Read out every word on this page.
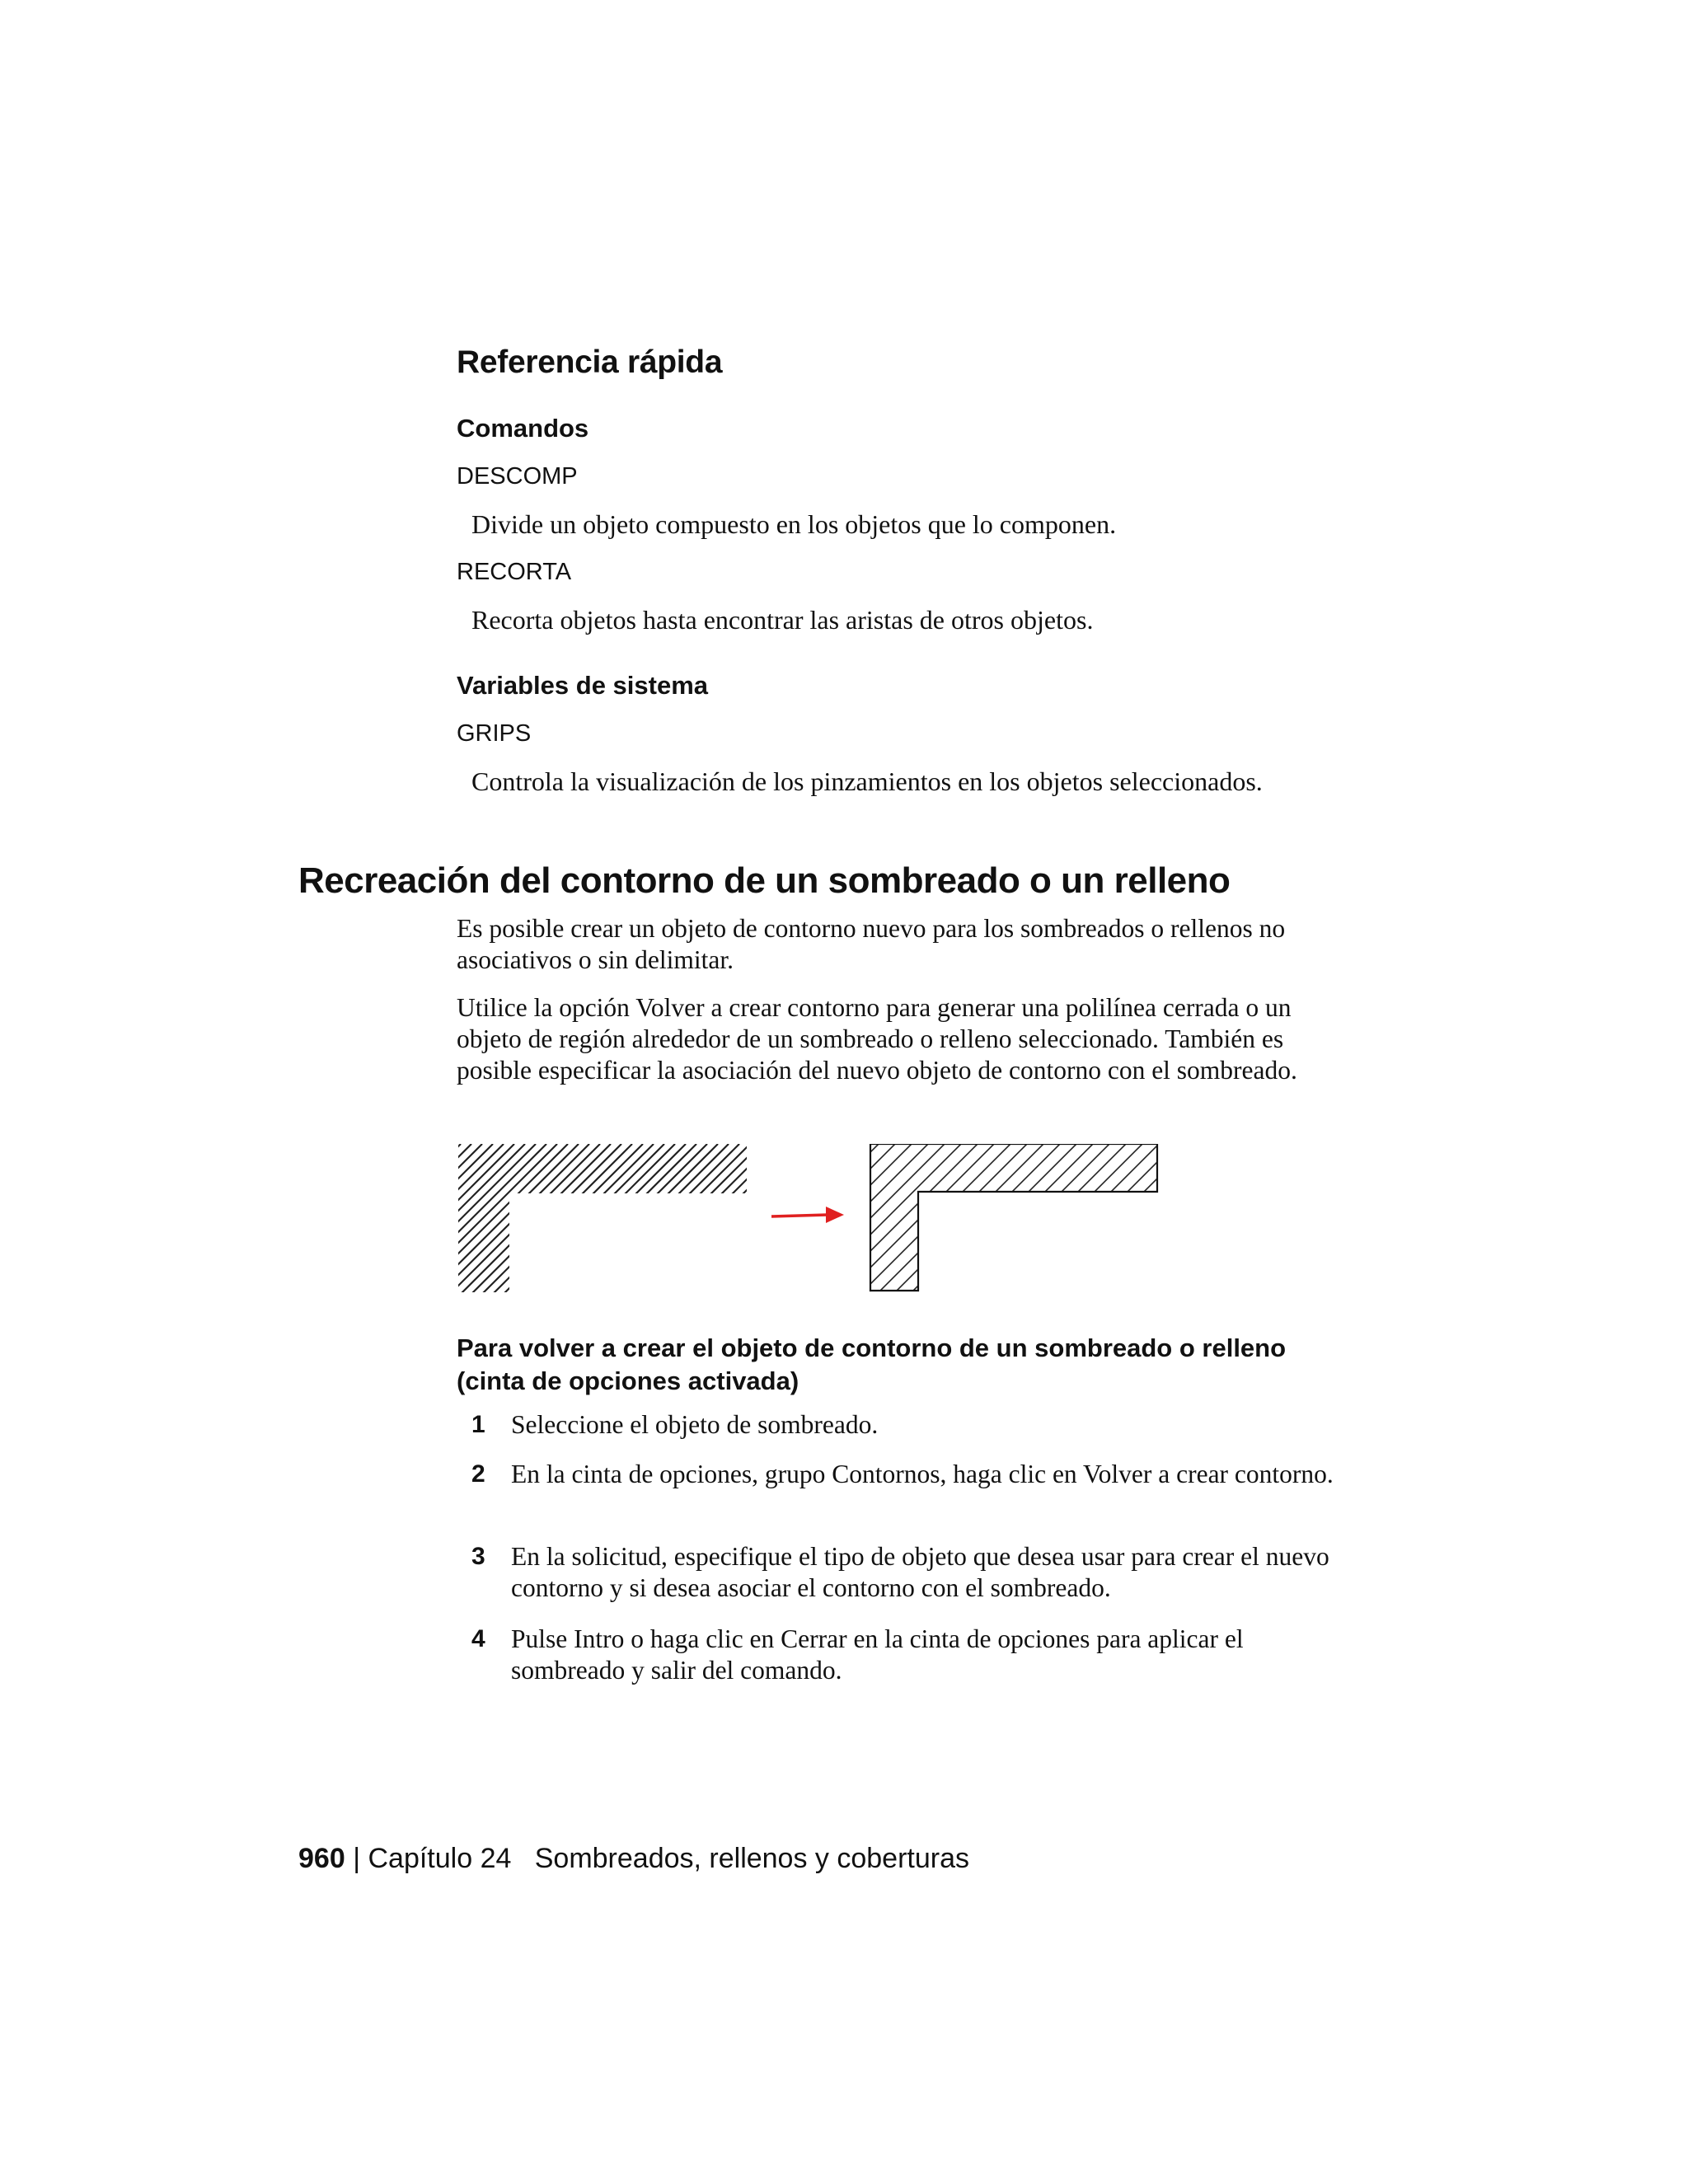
Referencia rápida
Comandos
DESCOMP
Divide un objeto compuesto en los objetos que lo componen.
RECORTA
Recorta objetos hasta encontrar las aristas de otros objetos.
Variables de sistema
GRIPS
Controla la visualización de los pinzamientos en los objetos seleccionados.
Recreación del contorno de un sombreado o un relleno
Es posible crear un objeto de contorno nuevo para los sombreados o rellenos no asociativos o sin delimitar.
Utilice la opción Volver a crear contorno para generar una polilínea cerrada o un objeto de región alrededor de un sombreado o relleno seleccionado. También es posible especificar la asociación del nuevo objeto de contorno con el sombreado.
Para volver a crear el objeto de contorno de un sombreado o relleno (cinta de opciones activada)
1 Seleccione el objeto de sombreado.
2 En la cinta de opciones, grupo Contornos, haga clic en Volver a crear contorno.
3 En la solicitud, especifique el tipo de objeto que desea usar para crear el nuevo contorno y si desea asociar el contorno con el sombreado.
4 Pulse Intro o haga clic en Cerrar en la cinta de opciones para aplicar el sombreado y salir del comando.
960 | Capítulo 24 Sombreados, rellenos y coberturas
